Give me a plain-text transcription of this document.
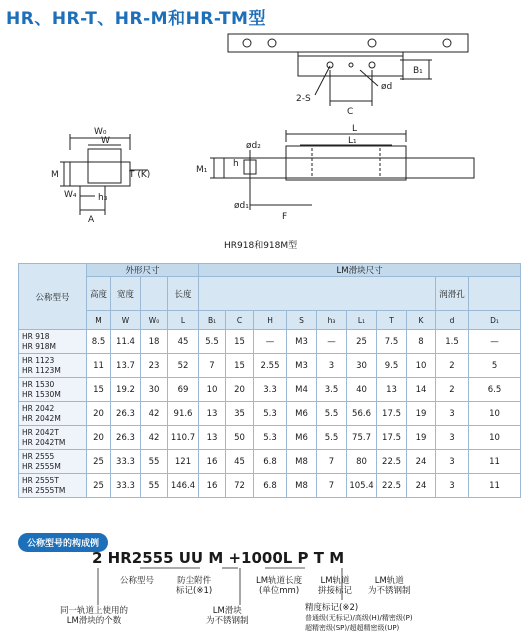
HR、HR-T、HR-M和HR-TM型
B₁
2-S
C
ød
W₀
W
M	T (K)
W₄ h₃
A
ød₂
h
M₁
ød₁
L
L₁
F
HR918和918M型
公称型号	外形尺寸				LM滑块尺寸									
	高度	宽度		长度									润滑孔	
	M	W	W₀	L	B₁	C	H	S	h₃	L₁	T	K	d	D₁

HR 918
HR 918M	8.5	11.4	18	45	5.5	15	—	M3	—	25	7.5	8	1.5	—

HR 1123
HR 1123M	11	13.7	23	52	7	15	2.55	M3	3	30	9.5	10	2	5

HR 1530
HR 1530M	15	19.2	30	69	10	20	3.3	M4	3.5	40	13	14	2	6.5

HR 2042
HR 2042M	20	26.3	42	91.6	13	35	5.3	M6	5.5	56.6	17.5	19	3	10

HR 2042T
HR 2042TM	20	26.3	42	110.7	13	50	5.3	M6	5.5	75.7	17.5	19	3	10

HR 2555
HR 2555M	25	33.3	55	121	16	45	6.8	M8	7	80	22.5	24	3	11

HR 2555T
HR 2555TM	25	33.3	55	146.4	16	72	6.8	M8	7	105.4	22.5	24	3	11
公称型号的构成例
2 HR2555 UU M +1000L P T M
公称型号	防尘附件
标记(※1)
LM轨道长度
(单位mm)
LM轨道
拼接标记
LM轨道
为不锈钢制
同一轨道上使用的
LM滑块的个数
LM滑块
为不锈钢制
精度标记(※2)
普通级(无标记)/高级(H)/精密级(P)
超精密级(SP)/超超精密级(UP)
